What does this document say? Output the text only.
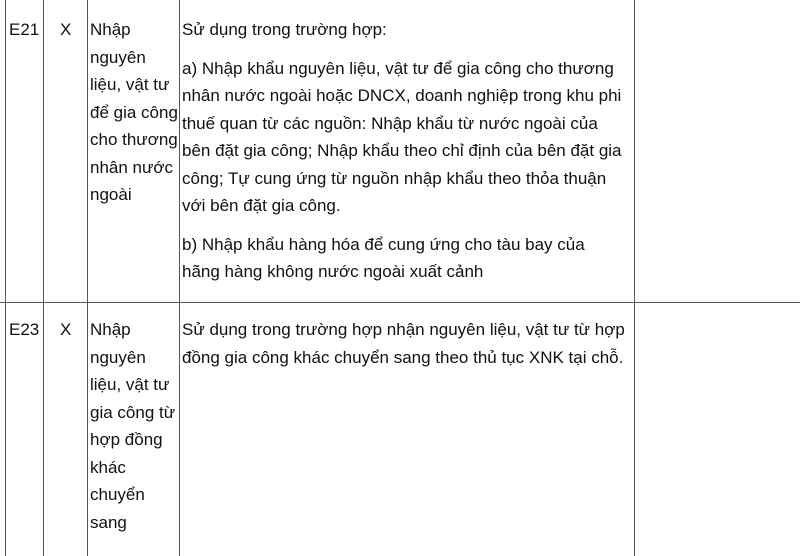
E21 X Nhập
nguyên
liệu, vật tư
để gia công
cho thương
nhân nước
ngoài
Sử dụng trong trường hợp:
a) Nhập khẩu nguyên liệu, vật tư để gia công cho thương
nhân nước ngoài hoặc DNCX, doanh nghiệp trong khu phi
thuế quan từ các nguồn: Nhập khẩu từ nước ngoài của
bên đặt gia công; Nhập khẩu theo chỉ định của bên đặt gia
công; Tự cung ứng từ nguồn nhập khẩu theo thỏa thuận
với bên đặt gia công.
b) Nhập khẩu hàng hóa để cung ứng cho tàu bay của
hãng hàng không nước ngoài xuất cảnh
E23 X Nhập
nguyên
liệu, vật tư
gia công từ
hợp đồng
khác
chuyển
sang
Sử dụng trong trường hợp nhận nguyên liệu, vật tư từ hợp
đồng gia công khác chuyển sang theo thủ tục XNK tại chỗ.
